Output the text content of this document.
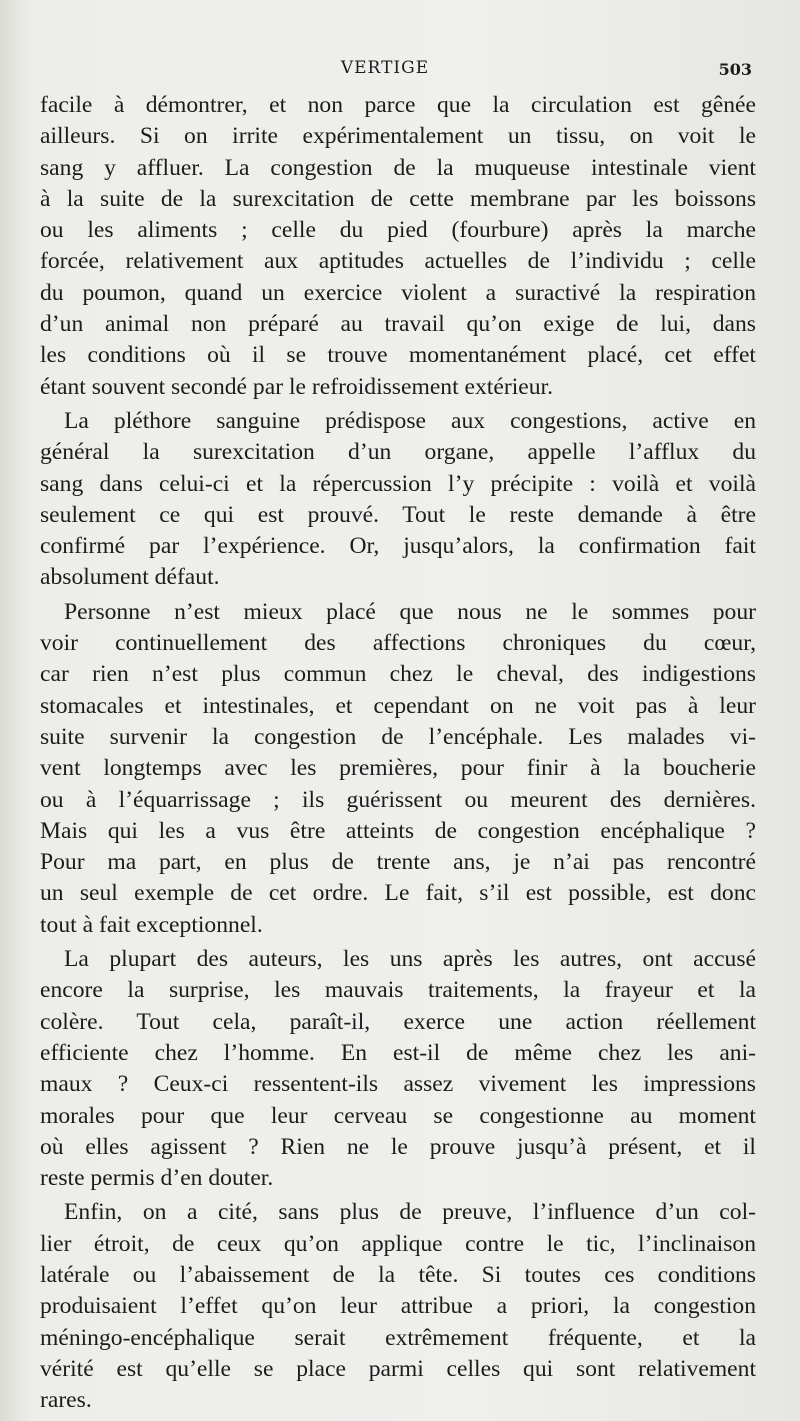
VERTIGE	503
facile à démontrer, et non parce que la circulation est gênée
ailleurs. Si on irrite expérimentalement un tissu, on voit le
sang y affluer. La congestion de la muqueuse intestinale vient
à la suite de la surexcitation de cette membrane par les boissons
ou les aliments ; celle du pied (fourbure) après la marche
forcée, relativement aux aptitudes actuelles de l’individu ; celle
du poumon, quand un exercice violent a suractivé la respiration
d’un animal non préparé au travail qu’on exige de lui, dans
les conditions où il se trouve momentanément placé, cet effet
étant souvent secondé par le refroidissement extérieur.
La pléthore sanguine prédispose aux congestions, active en
général la surexcitation d’un organe, appelle l’afflux du
sang dans celui-ci et la répercussion l’y précipite : voilà et voilà
seulement ce qui est prouvé. Tout le reste demande à être
confirmé par l’expérience. Or, jusqu’alors, la confirmation fait
absolument défaut.
Personne n’est mieux placé que nous ne le sommes pour
voir continuellement des affections chroniques du cœur,
car rien n’est plus commun chez le cheval, des indigestions
stomacales et intestinales, et cependant on ne voit pas à leur
suite survenir la congestion de l’encéphale. Les malades vi-
vent longtemps avec les premières, pour finir à la boucherie
ou à l’équarrissage ; ils guérissent ou meurent des dernières.
Mais qui les a vus être atteints de congestion encéphalique ?
Pour ma part, en plus de trente ans, je n’ai pas rencontré
un seul exemple de cet ordre. Le fait, s’il est possible, est donc
tout à fait exceptionnel.
La plupart des auteurs, les uns après les autres, ont accusé
encore la surprise, les mauvais traitements, la frayeur et la
colère. Tout cela, paraît-il, exerce une action réellement
efficiente chez l’homme. En est-il de même chez les ani-
maux ? Ceux-ci ressentent-ils assez vivement les impressions
morales pour que leur cerveau se congestionne au moment
où elles agissent ? Rien ne le prouve jusqu’à présent, et il
reste permis d’en douter.
Enfin, on a cité, sans plus de preuve, l’influence d’un col-
lier étroit, de ceux qu’on applique contre le tic, l’inclinaison
latérale ou l’abaissement de la tête. Si toutes ces conditions
produisaient l’effet qu’on leur attribue a priori, la congestion
méningo-encéphalique serait extrêmement fréquente, et la
vérité est qu’elle se place parmi celles qui sont relativement
rares.
